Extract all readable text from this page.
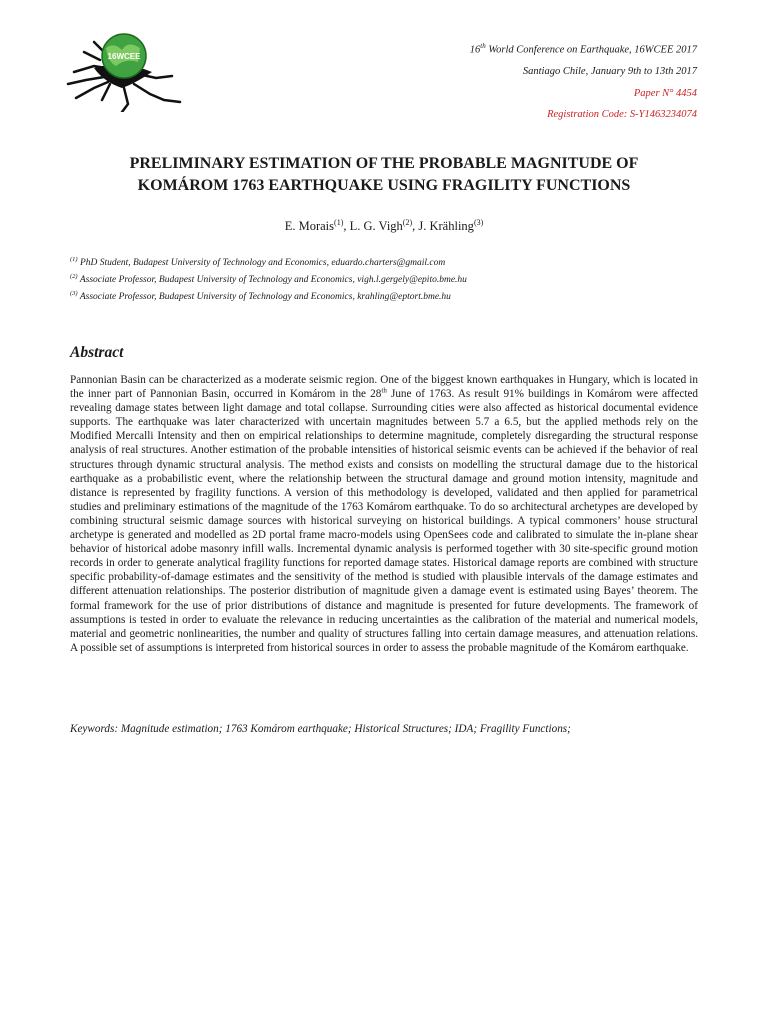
16WCEE
16th World Conference on Earthquake, 16WCEE 2017
Santiago Chile, January 9th to 13th 2017
Paper N° 4454
Registration Code: S-Y1463234074
PRELIMINARY ESTIMATION OF THE PROBABLE MAGNITUDE OF
KOMÁROM 1763 EARTHQUAKE USING FRAGILITY FUNCTIONS
E. Morais$^{(1)}$, L. G. Vigh$^{(2)}$, J. Krähling$^{(3)}$
$^{(1)}$ PhD Student, Budapest University of Technology and Economics, eduardo.charters@gmail.com
$^{(2)}$ Associate Professor, Budapest University of Technology and Economics, vigh.l.gergely@epito.bme.hu
$^{(3)}$ Associate Professor, Budapest University of Technology and Economics, krahling@eptort.bme.hu
Abstract
Pannonian Basin can be characterized as a moderate seismic region. One of the biggest known earthquakes in Hungary, which is located in the inner part of Pannonian Basin, occurred in Komárom in the 28th June of 1763. As result 91% buildings in Komárom were affected revealing damage states between light damage and total collapse. Surrounding cities were also affected as historical documental evidence supports. The earthquake was later characterized with uncertain magnitudes between 5.7 a 6.5, but the applied methods rely on the Modified Mercalli Intensity and then on empirical relationships to determine magnitude, completely disregarding the structural response analysis of real structures. Another estimation of the probable intensities of historical seismic events can be achieved if the behavior of real structures through dynamic structural analysis. The method exists and consists on modelling the structural damage due to the historical earthquake as a probabilistic event, where the relationship between the structural damage and ground motion intensity, magnitude and distance is represented by fragility functions. A version of this methodology is developed, validated and then applied for parametrical studies and preliminary estimations of the magnitude of the 1763 Komárom earthquake. To do so architectural archetypes are developed by combining structural seismic damage sources with historical surveying on historical buildings. A typical commoners’ house structural archetype is generated and modelled as 2D portal frame macro-models using OpenSees code and calibrated to simulate the in-plane shear behavior of historical adobe masonry infill walls. Incremental dynamic analysis is performed together with 30 site-specific ground motion records in order to generate analytical fragility functions for reported damage states. Historical damage reports are combined with structure specific probability-of-damage estimates and the sensitivity of the method is studied with plausible intervals of the damage estimates and different attenuation relationships. The posterior distribution of magnitude given a damage event is estimated using Bayes’ theorem. The formal framework for the use of prior distributions of distance and magnitude is presented for future developments. The framework of assumptions is tested in order to evaluate the relevance in reducing uncertainties as the calibration of the material and numerical models, material and geometric nonlinearities, the number and quality of structures falling into certain damage measures, and attenuation relations. A possible set of assumptions is interpreted from historical sources in order to assess the probable magnitude of the Komárom earthquake.
Keywords: Magnitude estimation; 1763 Komárom earthquake; Historical Structures; IDA; Fragility Functions;
